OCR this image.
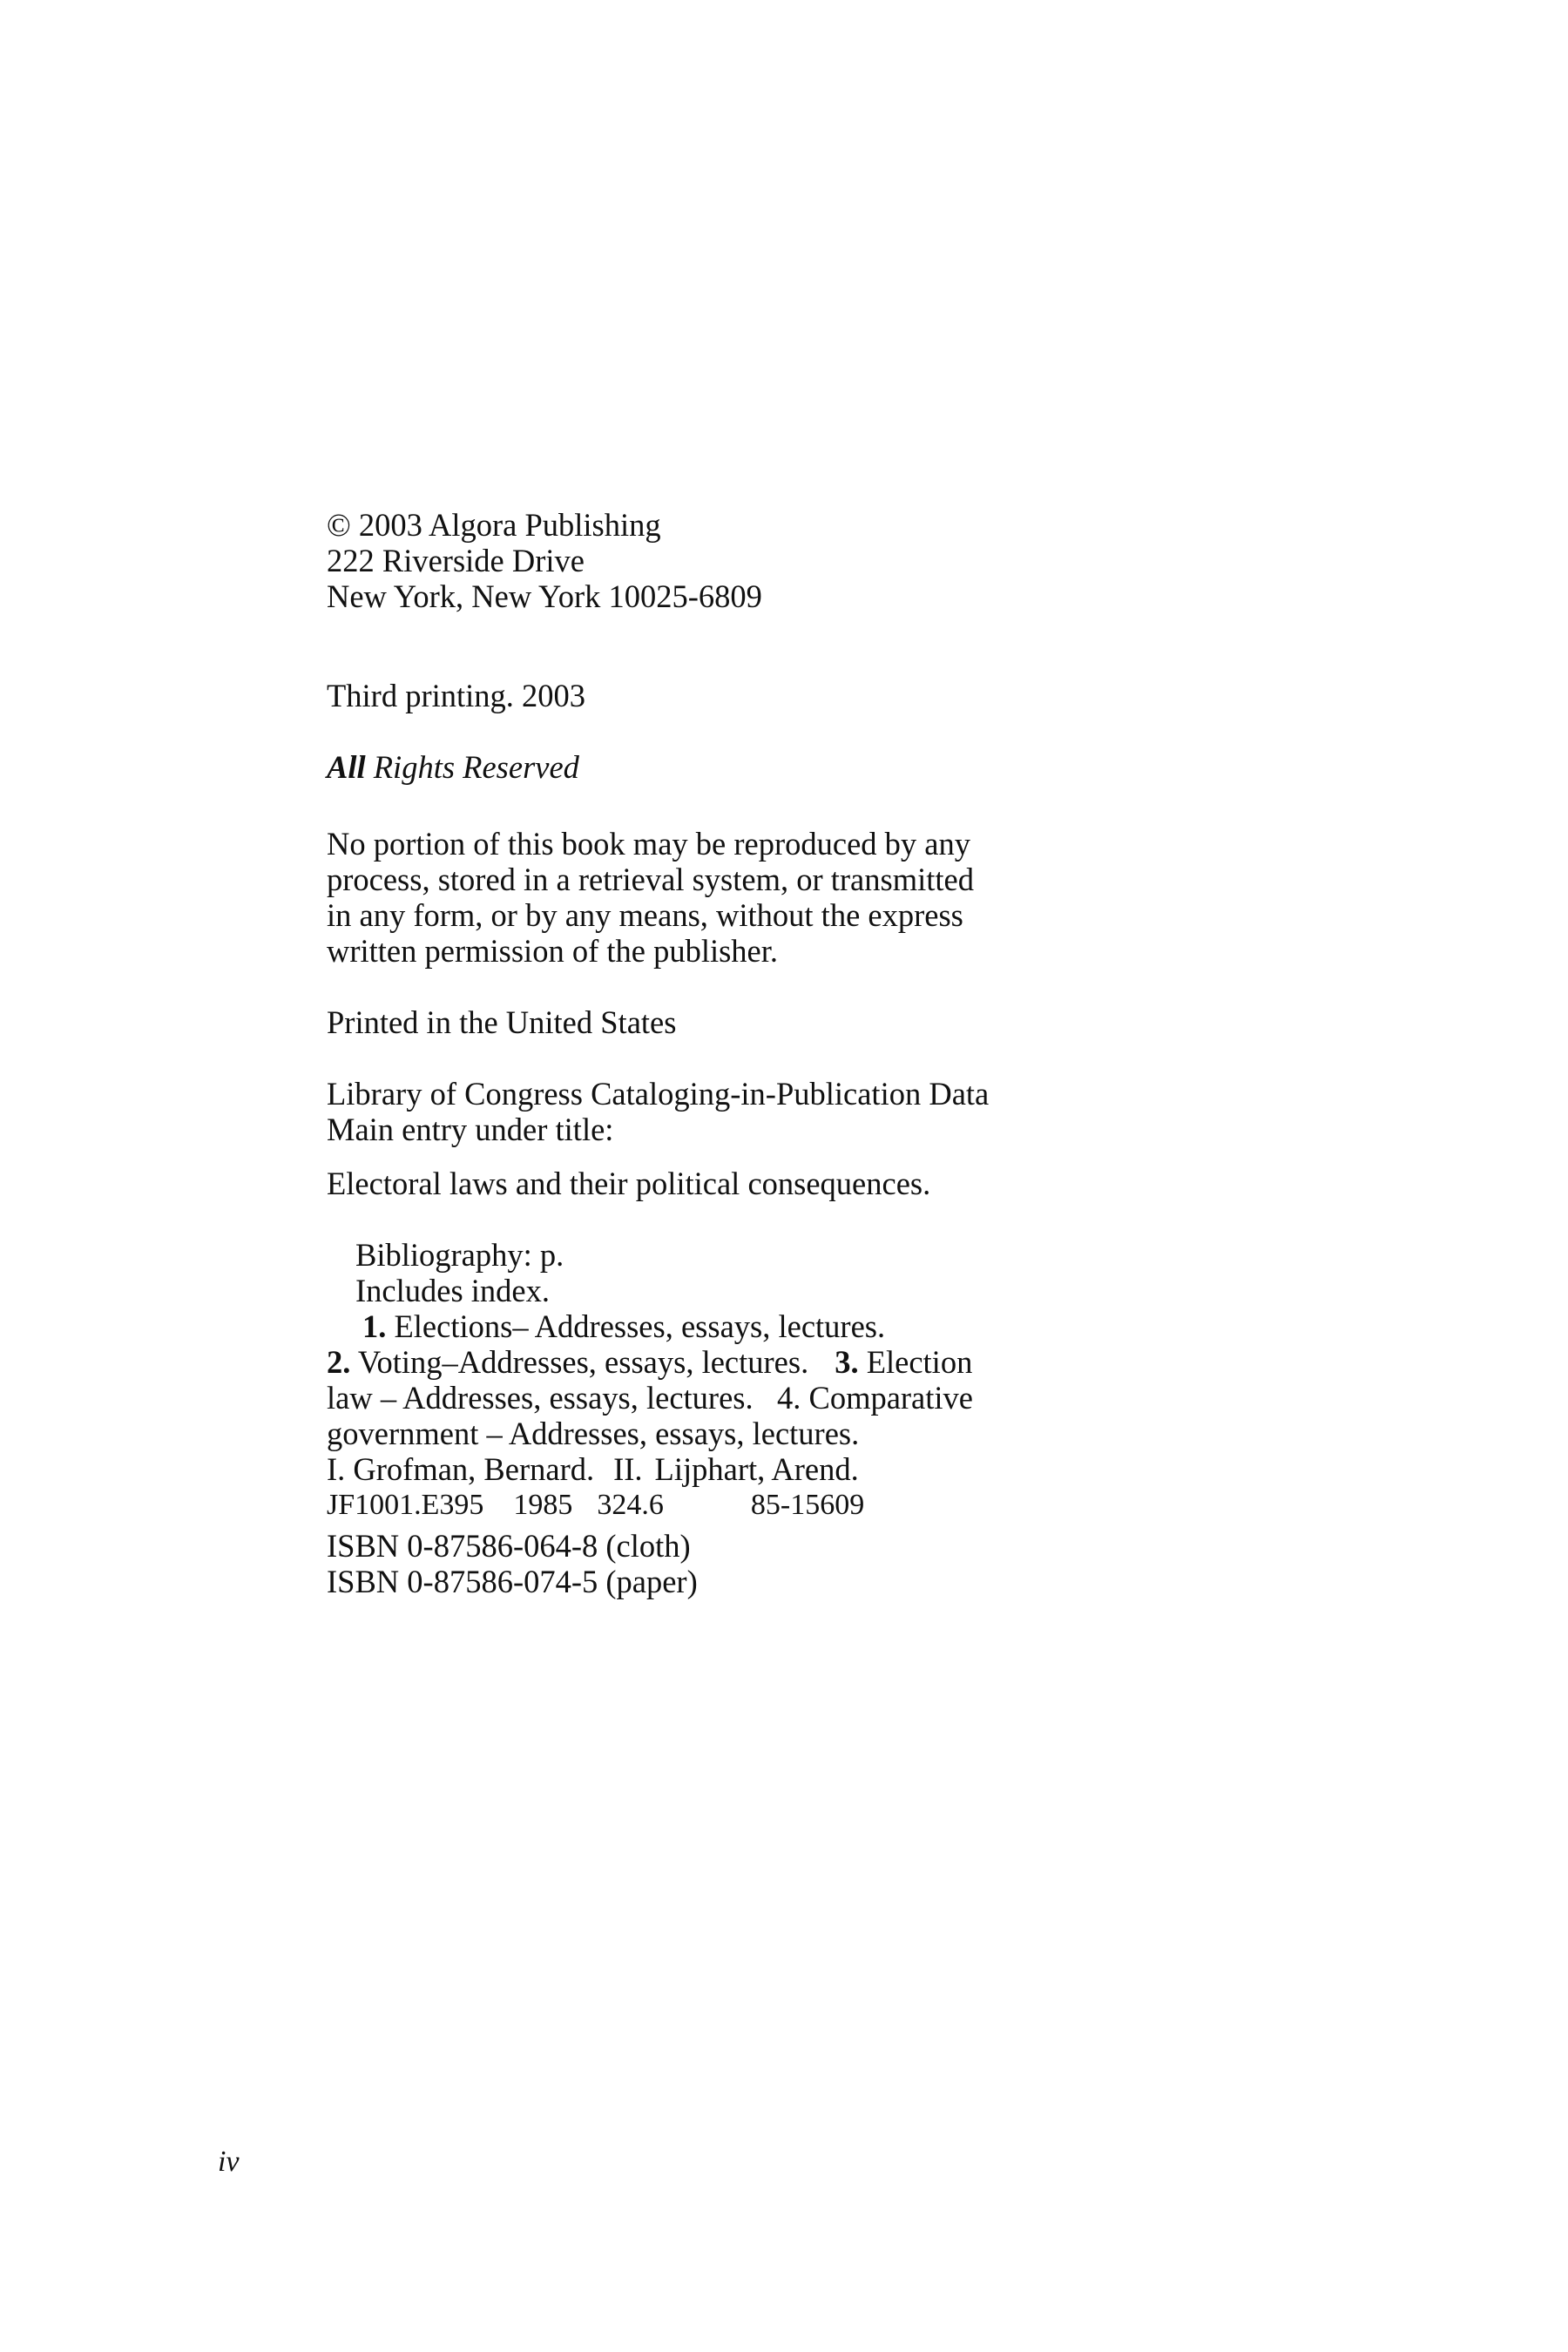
© 2003 Algora Publishing
222 Riverside Drive
New York, New York 10025-6809
Third printing. 2003
All Rights Reserved
No portion of this book may be reproduced by any
process, stored in a retrieval system, or transmitted
in any form, or by any means, without the express
written permission of the publisher.
Printed in the United States
Library of Congress Cataloging-in-Publication Data
Main entry under title:
Electoral laws and their political consequences.
Bibliography: p.
Includes index.
1. Elections– Addresses, essays, lectures.
2. Voting–Addresses, essays, lectures. 3. Election
law – Addresses, essays, lectures.   4. Comparative
government – Addresses, essays, lectures.
I. Grofman, Bernard. II. Lijphart, Arend.
JF1001.E395 1985 324.6	85-15609
ISBN 0-87586-064-8 (cloth)
ISBN 0-87586-074-5 (paper)
iv
